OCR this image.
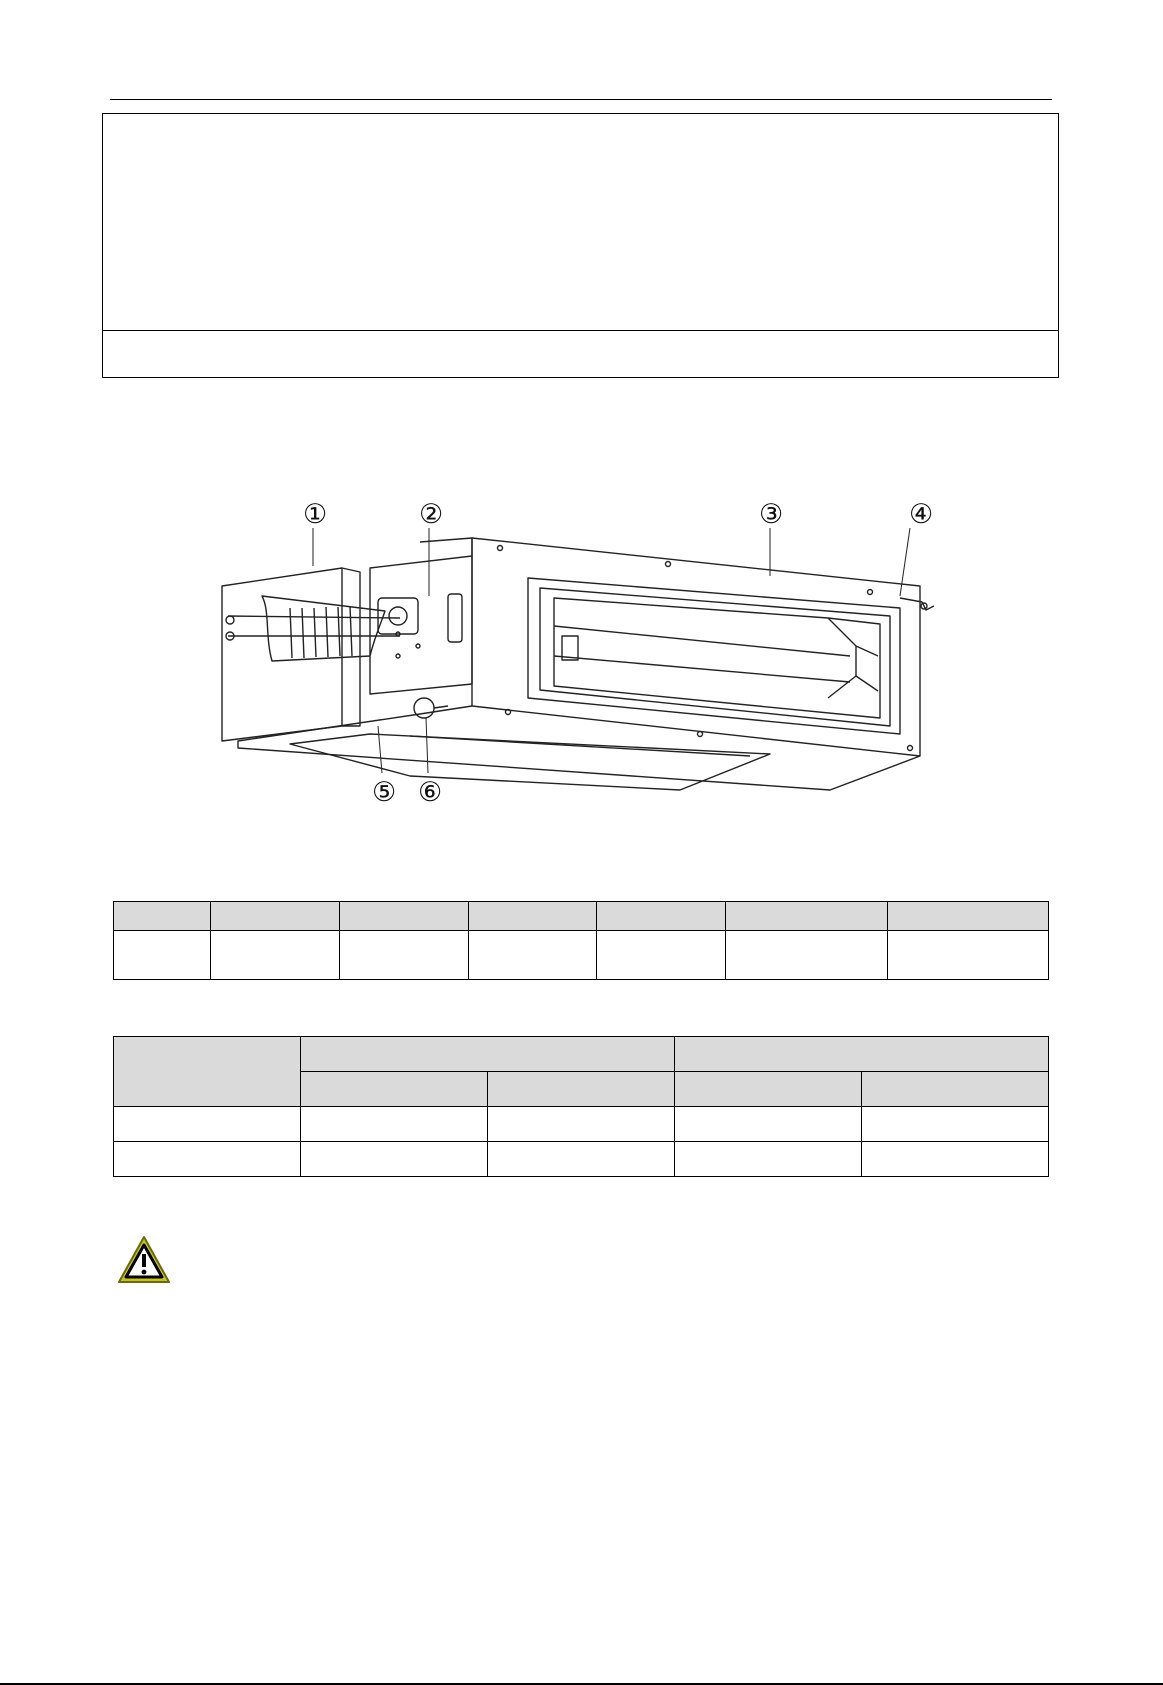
①	②	③	④
⑤ ⑥
